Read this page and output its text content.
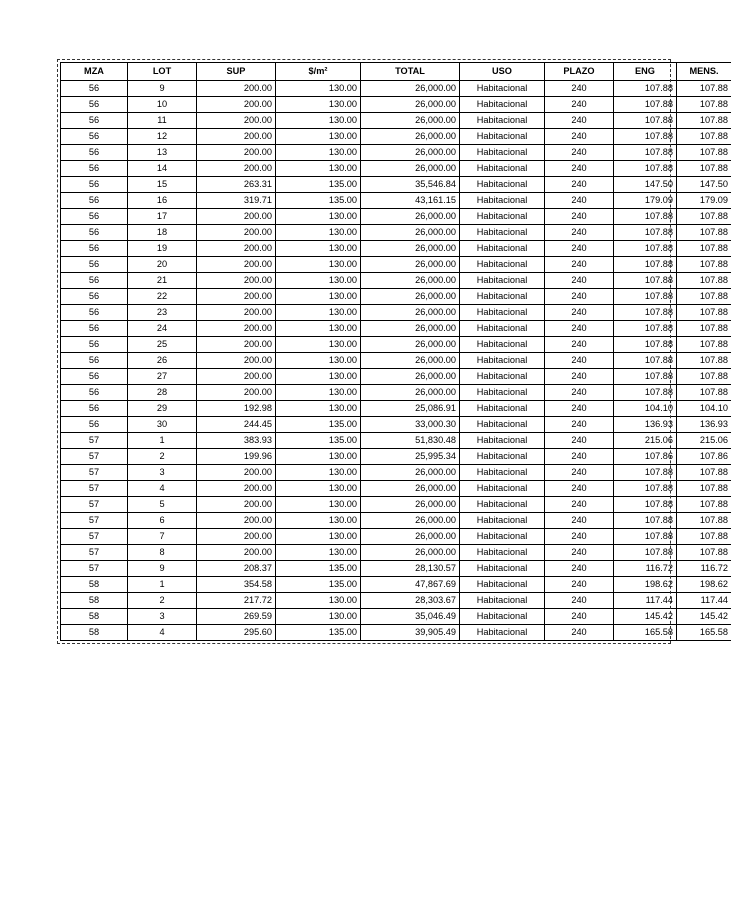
MZA	LOT	SUP	$/m²	TOTAL	USO	PLAZO	ENG	MENS.
56	9	200.00	130.00	26,000.00	Habitacional	240	107.88	107.88
56	10	200.00	130.00	26,000.00	Habitacional	240	107.88	107.88
56	11	200.00	130.00	26,000.00	Habitacional	240	107.88	107.88
56	12	200.00	130.00	26,000.00	Habitacional	240	107.88	107.88
56	13	200.00	130.00	26,000.00	Habitacional	240	107.88	107.88
56	14	200.00	130.00	26,000.00	Habitacional	240	107.88	107.88
56	15	263.31	135.00	35,546.84	Habitacional	240	147.50	147.50
56	16	319.71	135.00	43,161.15	Habitacional	240	179.09	179.09
56	17	200.00	130.00	26,000.00	Habitacional	240	107.88	107.88
56	18	200.00	130.00	26,000.00	Habitacional	240	107.88	107.88
56	19	200.00	130.00	26,000.00	Habitacional	240	107.88	107.88
56	20	200.00	130.00	26,000.00	Habitacional	240	107.88	107.88
56	21	200.00	130.00	26,000.00	Habitacional	240	107.88	107.88
56	22	200.00	130.00	26,000.00	Habitacional	240	107.88	107.88
56	23	200.00	130.00	26,000.00	Habitacional	240	107.88	107.88
56	24	200.00	130.00	26,000.00	Habitacional	240	107.88	107.88
56	25	200.00	130.00	26,000.00	Habitacional	240	107.88	107.88
56	26	200.00	130.00	26,000.00	Habitacional	240	107.88	107.88
56	27	200.00	130.00	26,000.00	Habitacional	240	107.88	107.88
56	28	200.00	130.00	26,000.00	Habitacional	240	107.88	107.88
56	29	192.98	130.00	25,086.91	Habitacional	240	104.10	104.10
56	30	244.45	135.00	33,000.30	Habitacional	240	136.93	136.93
57	1	383.93	135.00	51,830.48	Habitacional	240	215.06	215.06
57	2	199.96	130.00	25,995.34	Habitacional	240	107.86	107.86
57	3	200.00	130.00	26,000.00	Habitacional	240	107.88	107.88
57	4	200.00	130.00	26,000.00	Habitacional	240	107.88	107.88
57	5	200.00	130.00	26,000.00	Habitacional	240	107.88	107.88
57	6	200.00	130.00	26,000.00	Habitacional	240	107.88	107.88
57	7	200.00	130.00	26,000.00	Habitacional	240	107.88	107.88
57	8	200.00	130.00	26,000.00	Habitacional	240	107.88	107.88
57	9	208.37	135.00	28,130.57	Habitacional	240	116.72	116.72
58	1	354.58	135.00	47,867.69	Habitacional	240	198.62	198.62
58	2	217.72	130.00	28,303.67	Habitacional	240	117.44	117.44
58	3	269.59	130.00	35,046.49	Habitacional	240	145.42	145.42
58	4	295.60	135.00	39,905.49	Habitacional	240	165.58	165.58
